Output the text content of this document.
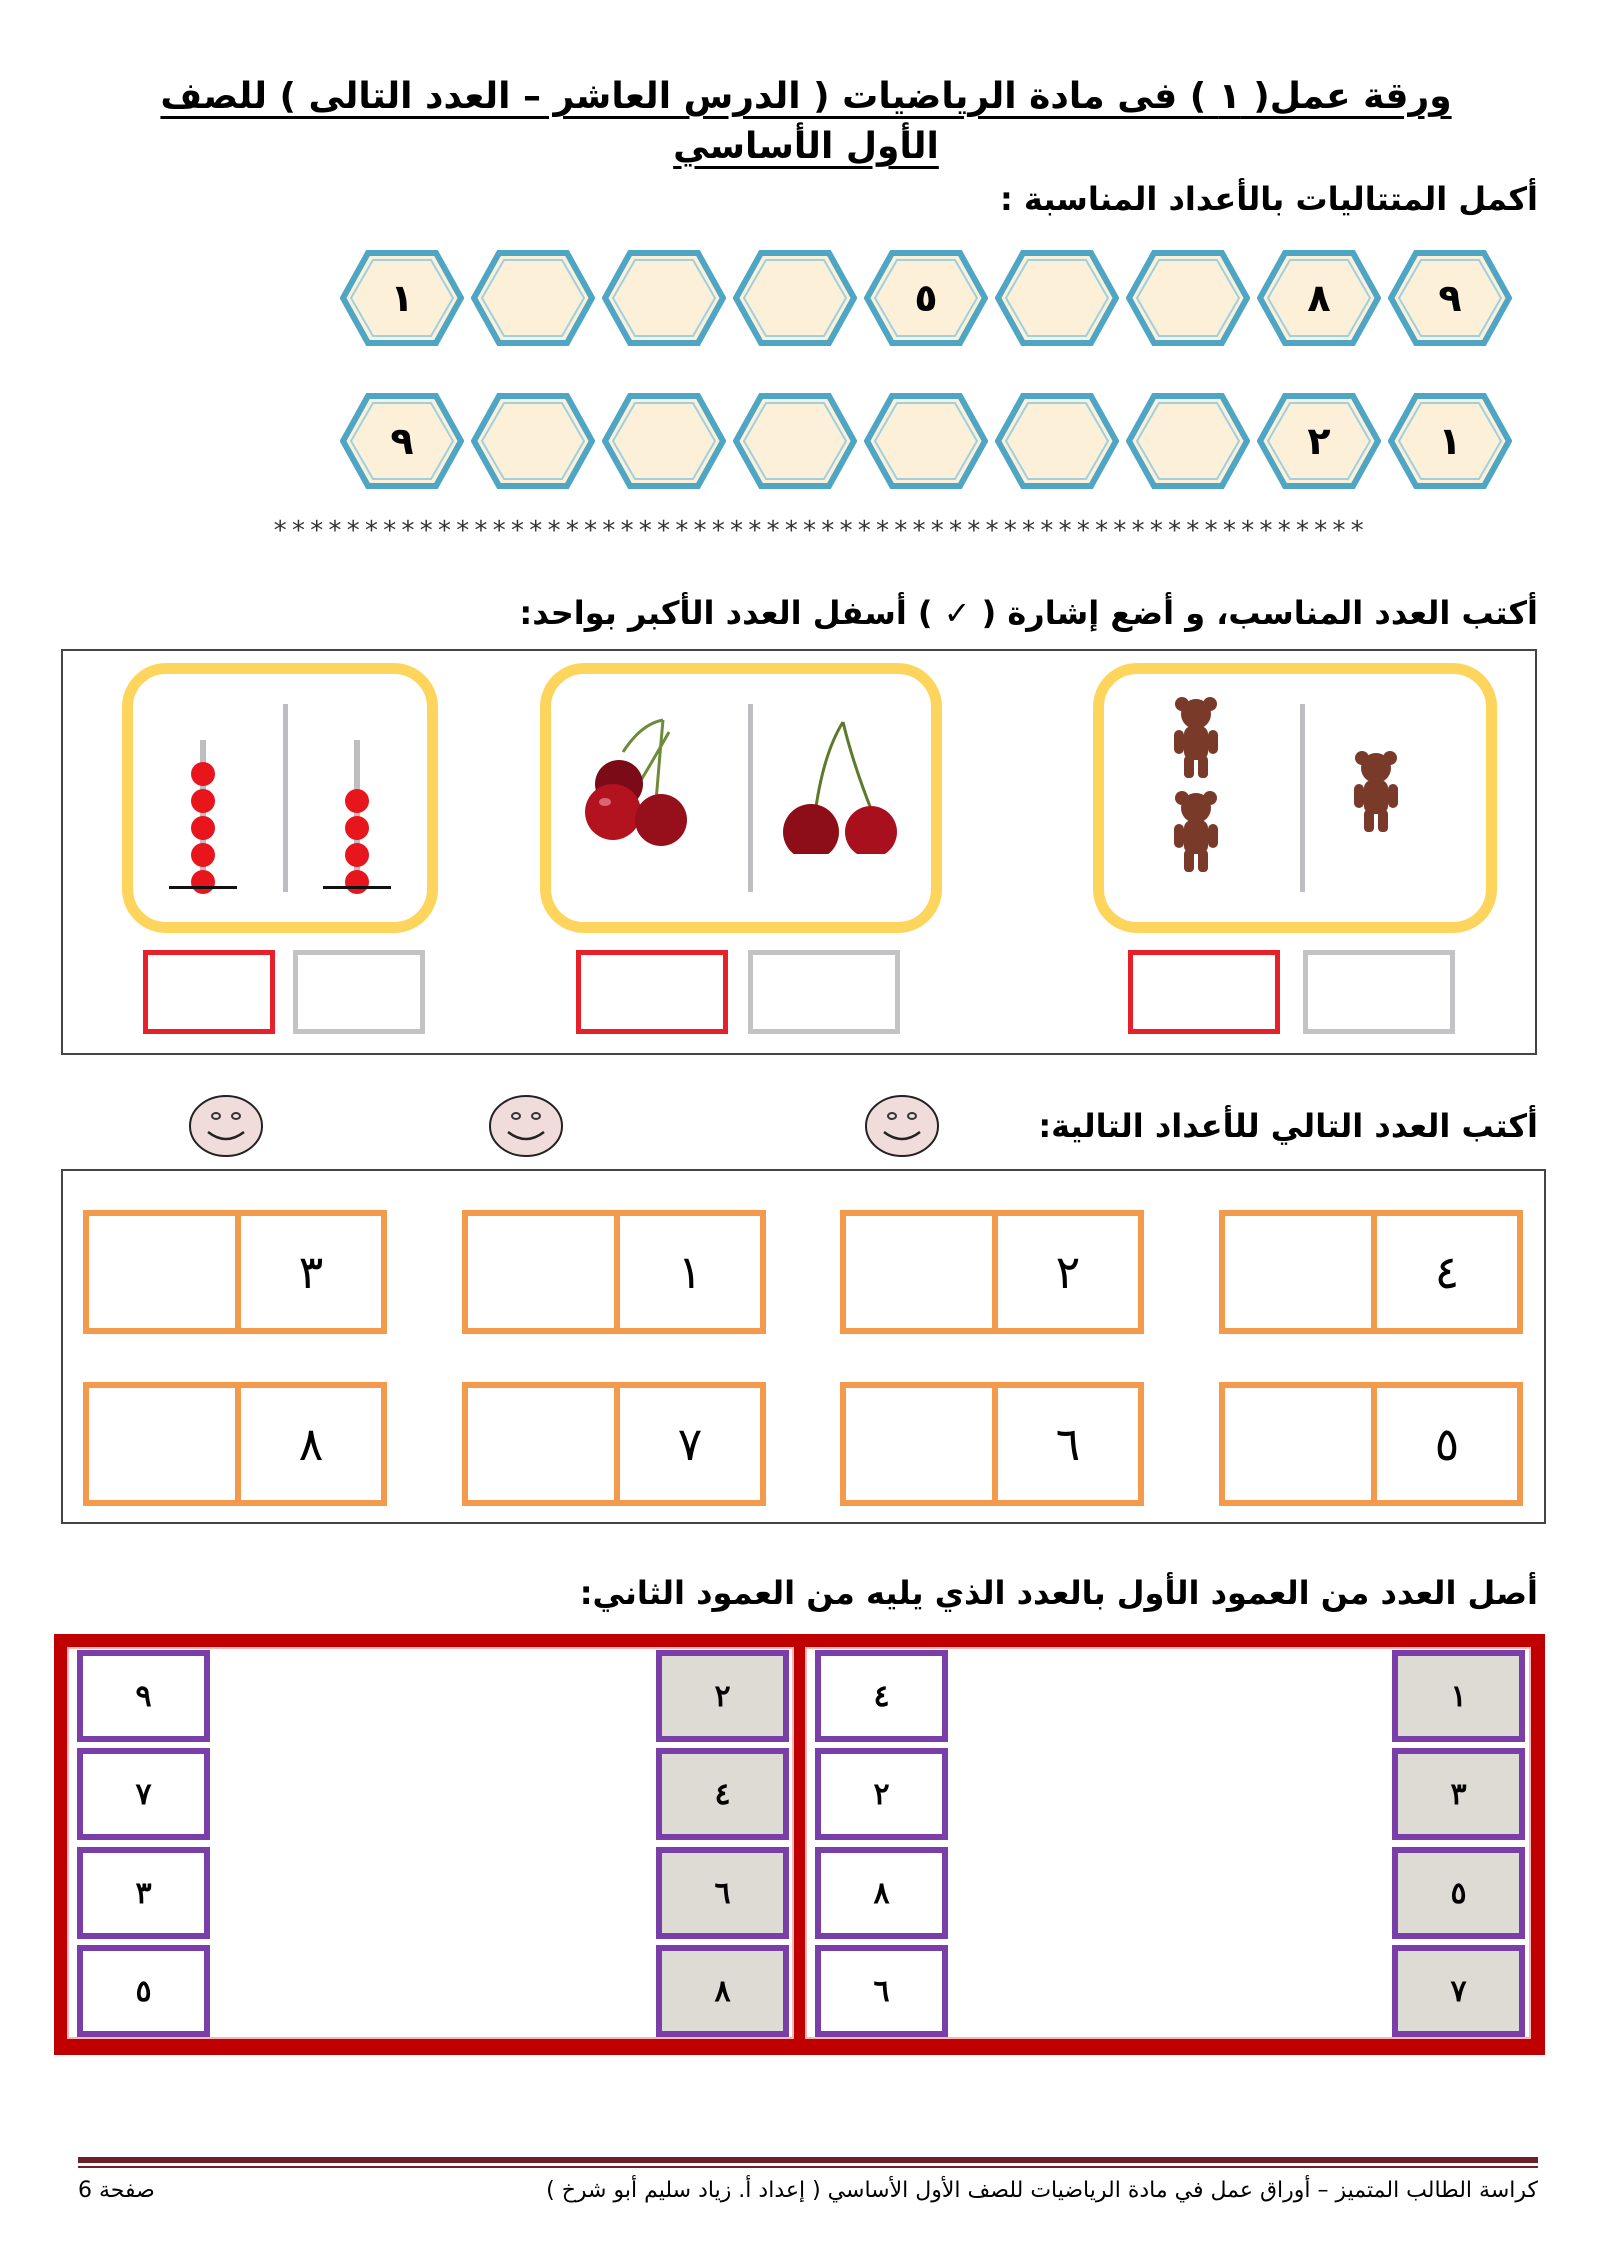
ورقة عمل( ١ ) فى مادة الرياضيات ( الدرس العاشر – العدد التالى ) للصف الأول الأساسي
أكمل المتتاليات بالأعداد المناسبة :
٩
٨
٥
١
١
٢
٩
************************************************************
أكتب العدد المناسب، و أضع إشارة ( ✓ ) أسفل العدد الأكبر بواحد:
أكتب العدد التالي للأعداد التالية:
٤
٢
١
٣
٥
٦
٧
٨
أصل العدد من العمود الأول بالعدد الذي يليه من العمود الثاني:
٩
٧
٣
٥
٢
٤
٦
٨
٤
٢
٨
٦
١
٣
٥
٧
كراسة الطالب المتميز – أوراق عمل في مادة الرياضيات للصف الأول الأساسي ( إعداد أ. زياد سليم أبو شرخ )
صفحة 6
